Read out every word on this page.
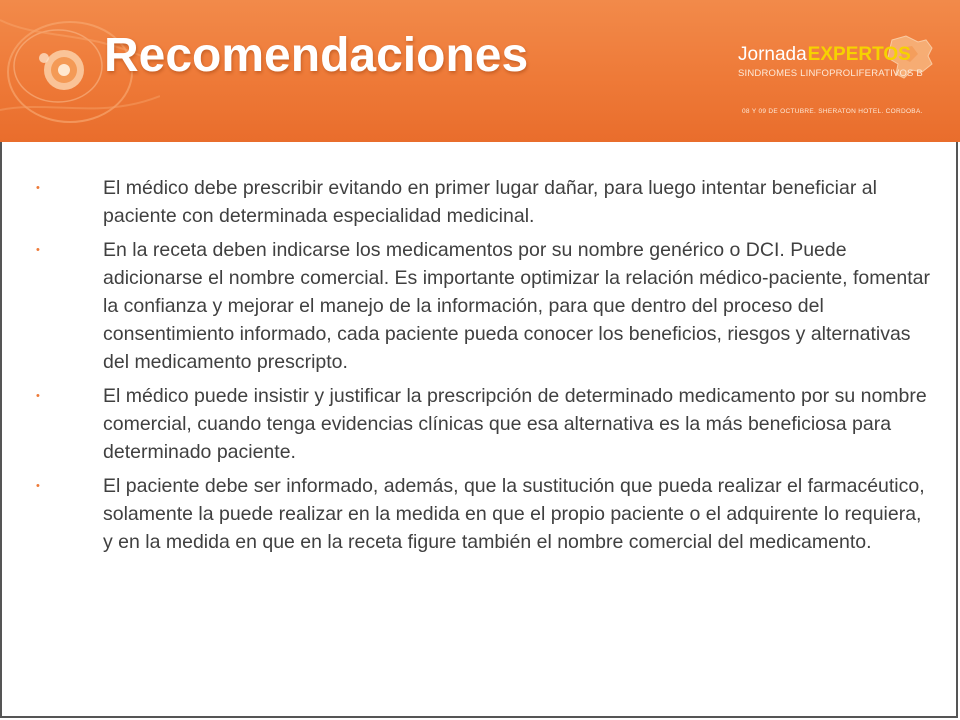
Recomendaciones	JornadaEXPERTOS
SINDROMES LINFOPROLIFERATIVOS B
08 Y 09 DE OCTUBRE. SHERATON HOTEL. CORDOBA.
•	El médico debe prescribir evitando en primer lugar dañar, para luego intentar beneficiar al paciente con determinada especialidad medicinal.
•	En la receta deben indicarse los medicamentos por su nombre genérico o DCI. Puede adicionarse el nombre comercial. Es importante optimizar la relación médico-paciente, fomentar la confianza y mejorar el manejo de la información, para que dentro del proceso del consentimiento informado, cada paciente pueda conocer los beneficios, riesgos y alternativas del medicamento prescripto.
•	El médico puede insistir y justificar la prescripción de determinado medicamento por su nombre comercial, cuando tenga evidencias clínicas que esa alternativa es la más beneficiosa para determinado paciente.
•	El paciente debe ser informado, además, que la sustitución que pueda realizar el farmacéutico, solamente la puede realizar en la medida en que el propio paciente o el adquirente lo requiera, y en la medida en que en la receta figure también el nombre comercial del medicamento.
